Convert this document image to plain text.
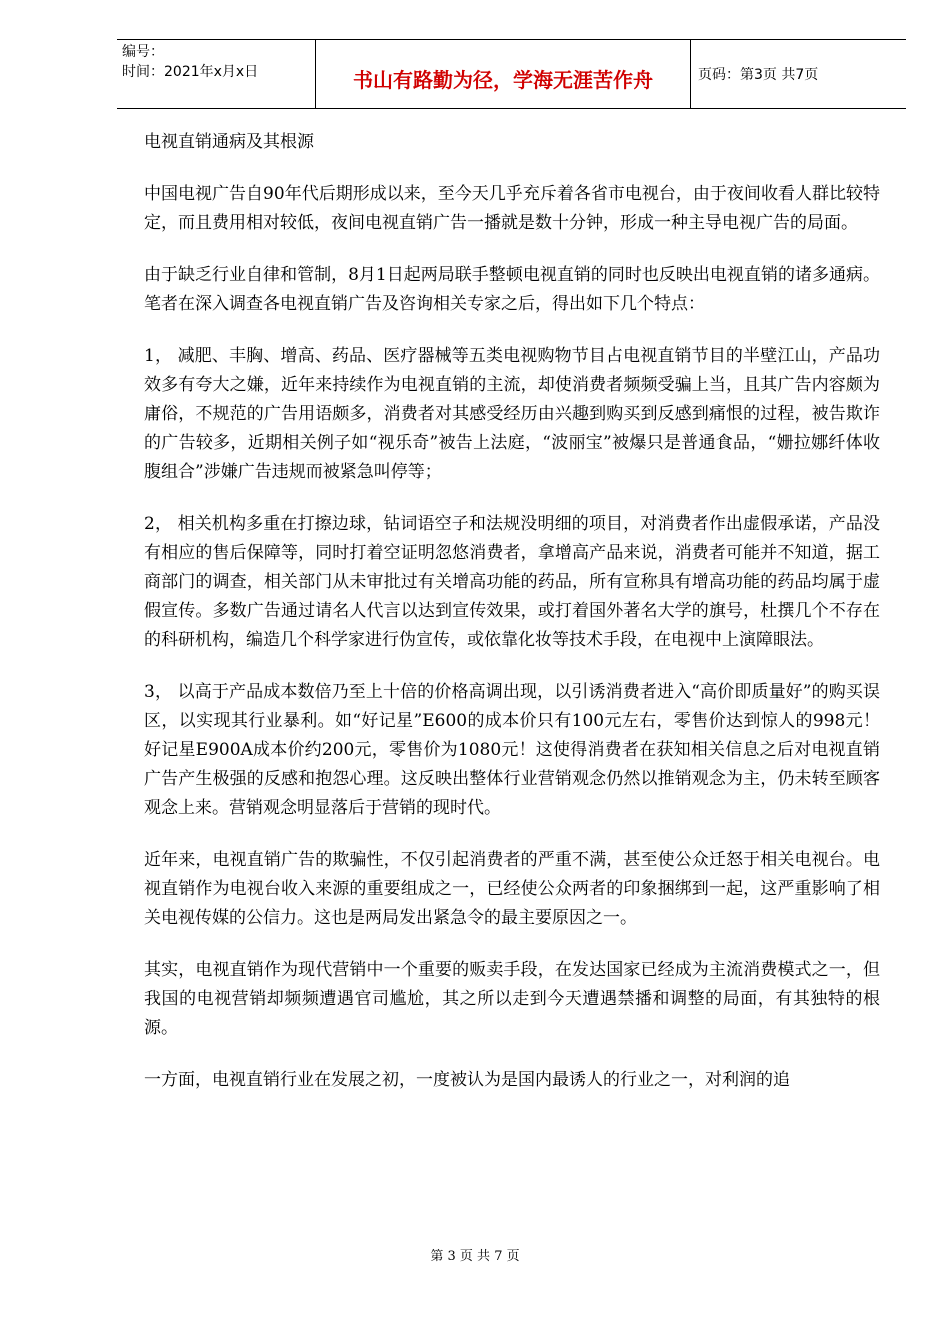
编号：
时间：2021年x月x日	书山有路勤为径，学海无涯苦作舟	页码：第3页 共7页

电视直销通病及其根源

中国电视广告自90年代后期形成以来，至今天几乎充斥着各省市电视台，由于夜间收看人群比较特定，而且费用相对较低，夜间电视直销广告一播就是数十分钟，形成一种主导电视广告的局面。

由于缺乏行业自律和管制，8月1日起两局联手整顿电视直销的同时也反映出电视直销的诸多通病。笔者在深入调查各电视直销广告及咨询相关专家之后，得出如下几个特点：

1， 减肥、丰胸、增高、药品、医疗器械等五类电视购物节目占电视直销节目的半壁江山，产品功效多有夸大之嫌，近年来持续作为电视直销的主流，却使消费者频频受骗上当，且其广告内容颇为庸俗，不规范的广告用语颇多，消费者对其感受经历由兴趣到购买到反感到痛恨的过程，被告欺诈的广告较多，近期相关例子如“视乐奇”被告上法庭，“波丽宝”被爆只是普通食品，“姗拉娜纤体收腹组合”涉嫌广告违规而被紧急叫停等；

2， 相关机构多重在打擦边球，钻词语空子和法规没明细的项目，对消费者作出虚假承诺，产品没有相应的售后保障等，同时打着空证明忽悠消费者，拿增高产品来说，消费者可能并不知道，据工商部门的调查，相关部门从未审批过有关增高功能的药品，所有宣称具有增高功能的药品均属于虚假宣传。多数广告通过请名人代言以达到宣传效果，或打着国外著名大学的旗号，杜撰几个不存在的科研机构，编造几个科学家进行伪宣传，或依靠化妆等技术手段，在电视中上演障眼法。

3， 以高于产品成本数倍乃至上十倍的价格高调出现，以引诱消费者进入“高价即质量好”的购买误区，以实现其行业暴利。如“好记星”E600的成本价只有100元左右，零售价达到惊人的998元！好记星E900A成本价约200元，零售价为1080元！这使得消费者在获知相关信息之后对电视直销广告产生极强的反感和抱怨心理。这反映出整体行业营销观念仍然以推销观念为主，仍未转至顾客观念上来。营销观念明显落后于营销的现时代。

近年来，电视直销广告的欺骗性，不仅引起消费者的严重不满，甚至使公众迁怒于相关电视台。电视直销作为电视台收入来源的重要组成之一，已经使公众两者的印象捆绑到一起，这严重影响了相关电视传媒的公信力。这也是两局发出紧急令的最主要原因之一。

其实，电视直销作为现代营销中一个重要的贩卖手段，在发达国家已经成为主流消费模式之一，但我国的电视营销却频频遭遇官司尴尬，其之所以走到今天遭遇禁播和调整的局面，有其独特的根源。

一方面，电视直销行业在发展之初，一度被认为是国内最诱人的行业之一，对利润的追

第 3 页 共 7 页
